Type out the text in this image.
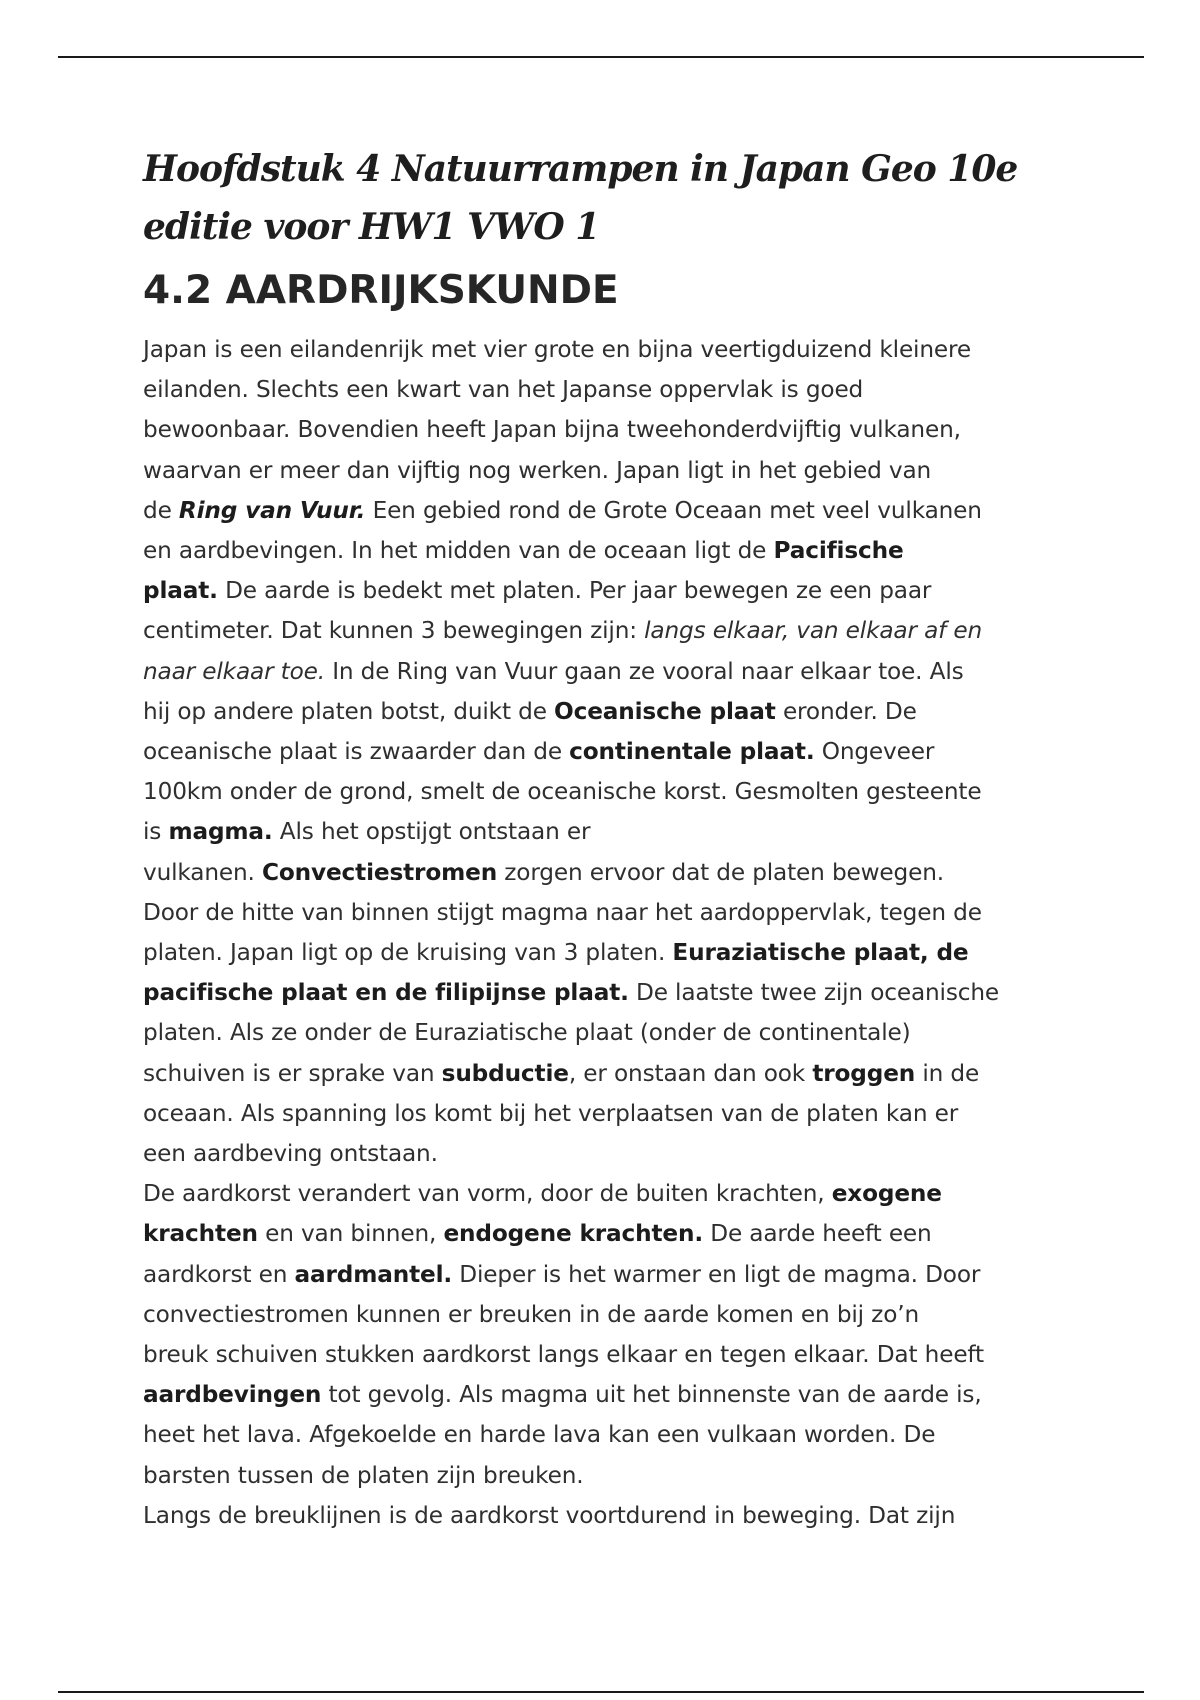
Hoofdstuk 4 Natuurrampen in Japan Geo 10e
editie voor HW1 VWO 1
4.2 AARDRIJKSKUNDE
Japan is een eilandenrijk met vier grote en bijna veertigduizend kleinere
eilanden. Slechts een kwart van het Japanse oppervlak is goed
bewoonbaar. Bovendien heeft Japan bijna tweehonderdvijftig vulkanen,
waarvan er meer dan vijftig nog werken. Japan ligt in het gebied van
de Ring van Vuur. Een gebied rond de Grote Oceaan met veel vulkanen
en aardbevingen. In het midden van de oceaan ligt de Pacifische
plaat. De aarde is bedekt met platen. Per jaar bewegen ze een paar
centimeter. Dat kunnen 3 bewegingen zijn: langs elkaar, van elkaar af en
naar elkaar toe. In de Ring van Vuur gaan ze vooral naar elkaar toe. Als
hij op andere platen botst, duikt de Oceanische plaat eronder. De
oceanische plaat is zwaarder dan de continentale plaat. Ongeveer
100km onder de grond, smelt de oceanische korst. Gesmolten gesteente
is magma. Als het opstijgt ontstaan er
vulkanen. Convectiestromen zorgen ervoor dat de platen bewegen.
Door de hitte van binnen stijgt magma naar het aardoppervlak, tegen de
platen. Japan ligt op de kruising van 3 platen. Euraziatische plaat, de
pacifische plaat en de filipijnse plaat. De laatste twee zijn oceanische
platen. Als ze onder de Euraziatische plaat (onder de continentale)
schuiven is er sprake van subductie, er onstaan dan ook troggen in de
oceaan. Als spanning los komt bij het verplaatsen van de platen kan er
een aardbeving ontstaan.
De aardkorst verandert van vorm, door de buiten krachten, exogene
krachten en van binnen, endogene krachten. De aarde heeft een
aardkorst en aardmantel. Dieper is het warmer en ligt de magma. Door
convectiestromen kunnen er breuken in de aarde komen en bij zo’n
breuk schuiven stukken aardkorst langs elkaar en tegen elkaar. Dat heeft
aardbevingen tot gevolg. Als magma uit het binnenste van de aarde is,
heet het lava. Afgekoelde en harde lava kan een vulkaan worden. De
barsten tussen de platen zijn breuken.
Langs de breuklijnen is de aardkorst voortdurend in beweging. Dat zijn
